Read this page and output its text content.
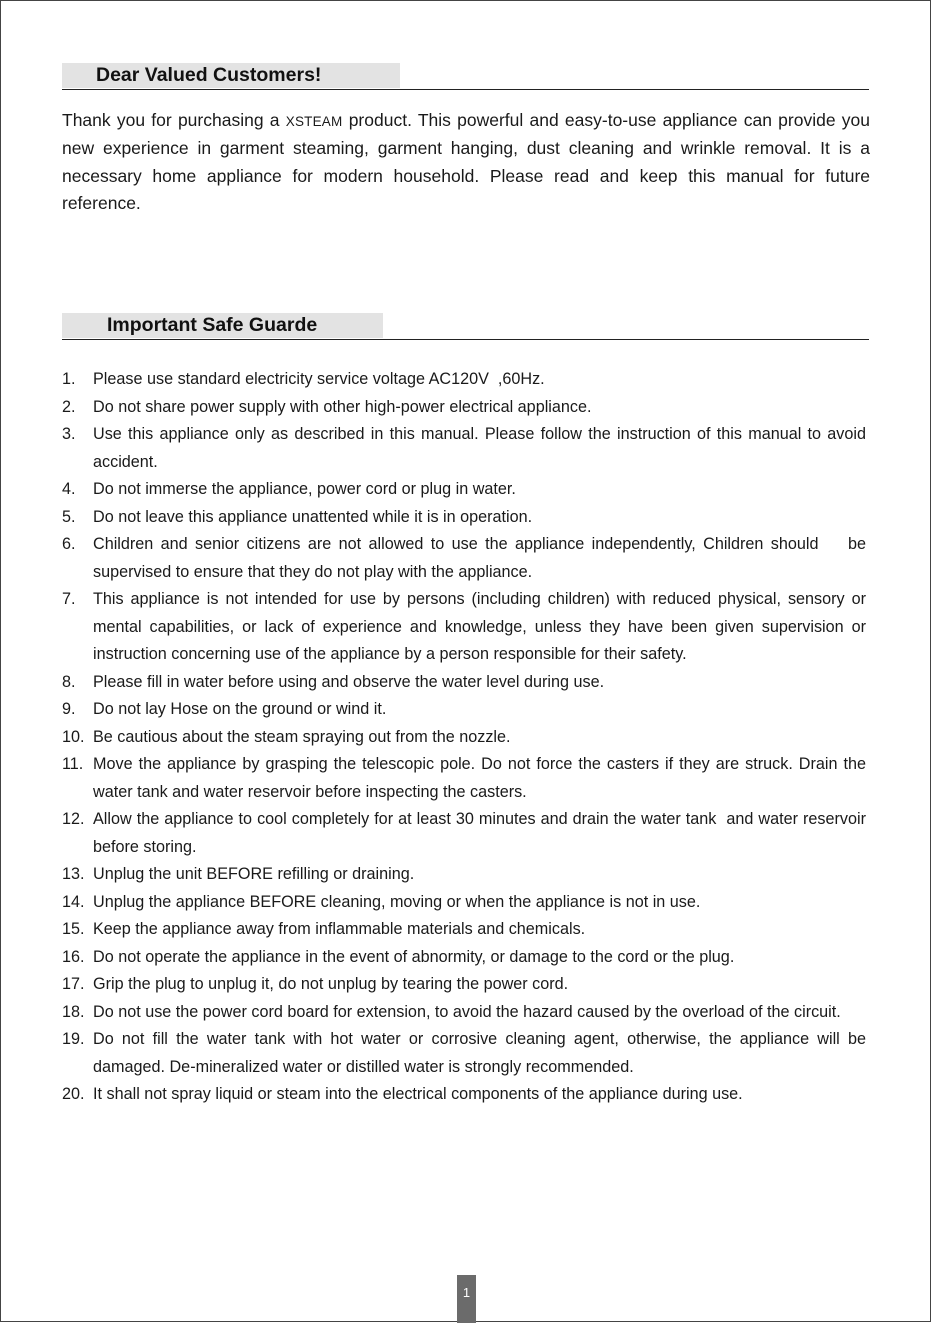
Dear Valued Customers!

Thank you for purchasing a XSTEAM product. This powerful and easy-to-use appliance can provide you new experience in garment steaming, garment hanging, dust cleaning and wrinkle removal. It is a necessary home appliance for modern household. Please read and keep this manual for future reference.

Important Safe Guarde
1. Please use standard electricity service voltage AC120V  ,60Hz.
2. Do not share power supply with other high-power electrical appliance.
3. Use this appliance only as described in this manual. Please follow the instruction of this manual to avoid accident.
4. Do not immerse the appliance, power cord or plug in water.
5. Do not leave this appliance unattented while it is in operation.
6. Children and senior citizens are not allowed to use the appliance independently, Children should    be supervised to ensure that they do not play with the appliance.
7. This appliance is not intended for use by persons (including children) with reduced physical, sensory or mental capabilities, or lack of experience and knowledge, unless they have been given supervision or instruction concerning use of the appliance by a person responsible for their safety.
8. Please fill in water before using and observe the water level during use.
9. Do not lay Hose on the ground or wind it.
10. Be cautious about the steam spraying out from the nozzle.
11. Move the appliance by grasping the telescopic pole. Do not force the casters if they are struck. Drain the water tank and water reservoir before inspecting the casters.
12. Allow the appliance to cool completely for at least 30 minutes and drain the water tank  and water reservoir before storing.
13. Unplug the unit BEFORE refilling or draining.
14. Unplug the appliance BEFORE cleaning, moving or when the appliance is not in use.
15. Keep the appliance away from inflammable materials and chemicals.
16. Do not operate the appliance in the event of abnormity, or damage to the cord or the plug.
17. Grip the plug to unplug it, do not unplug by tearing the power cord.
18. Do not use the power cord board for extension, to avoid the hazard caused by the overload of the circuit.
19. Do not fill the water tank with hot water or corrosive cleaning agent, otherwise, the appliance will be damaged. De-mineralized water or distilled water is strongly recommended.
20. It shall not spray liquid or steam into the electrical components of the appliance during use.
1
